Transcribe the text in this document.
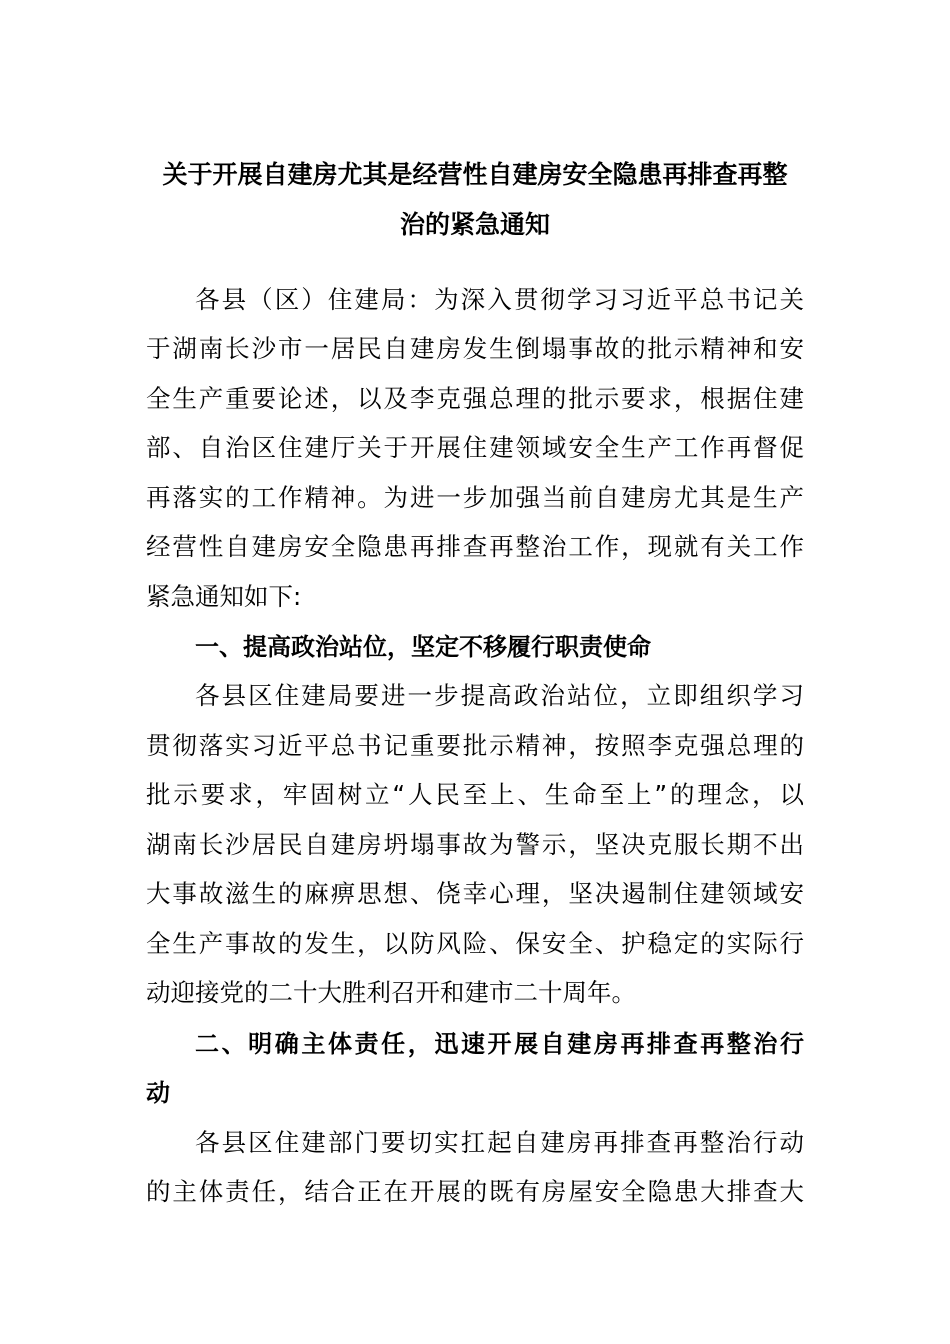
关于开展自建房尤其是经营性自建房安全隐患再排查再整
治的紧急通知
各县（区）住建局：为深入贯彻学习习近平总书记关
于湖南长沙市一居民自建房发生倒塌事故的批示精神和安
全生产重要论述，以及李克强总理的批示要求，根据住建
部、自治区住建厅关于开展住建领域安全生产工作再督促
再落实的工作精神。为进一步加强当前自建房尤其是生产
经营性自建房安全隐患再排查再整治工作，现就有关工作
紧急通知如下:
一、提高政治站位，坚定不移履行职责使命
各县区住建局要进一步提高政治站位，立即组织学习
贯彻落实习近平总书记重要批示精神，按照李克强总理的
批示要求，牢固树立“人民至上、生命至上”的理念，以
湖南长沙居民自建房坍塌事故为警示，坚决克服长期不出
大事故滋生的麻痹思想、侥幸心理，坚决遏制住建领域安
全生产事故的发生，以防风险、保安全、护稳定的实际行
动迎接党的二十大胜利召开和建市二十周年。
二、明确主体责任，迅速开展自建房再排查再整治行
动
各县区住建部门要切实扛起自建房再排查再整治行动
的主体责任，结合正在开展的既有房屋安全隐患大排查大
